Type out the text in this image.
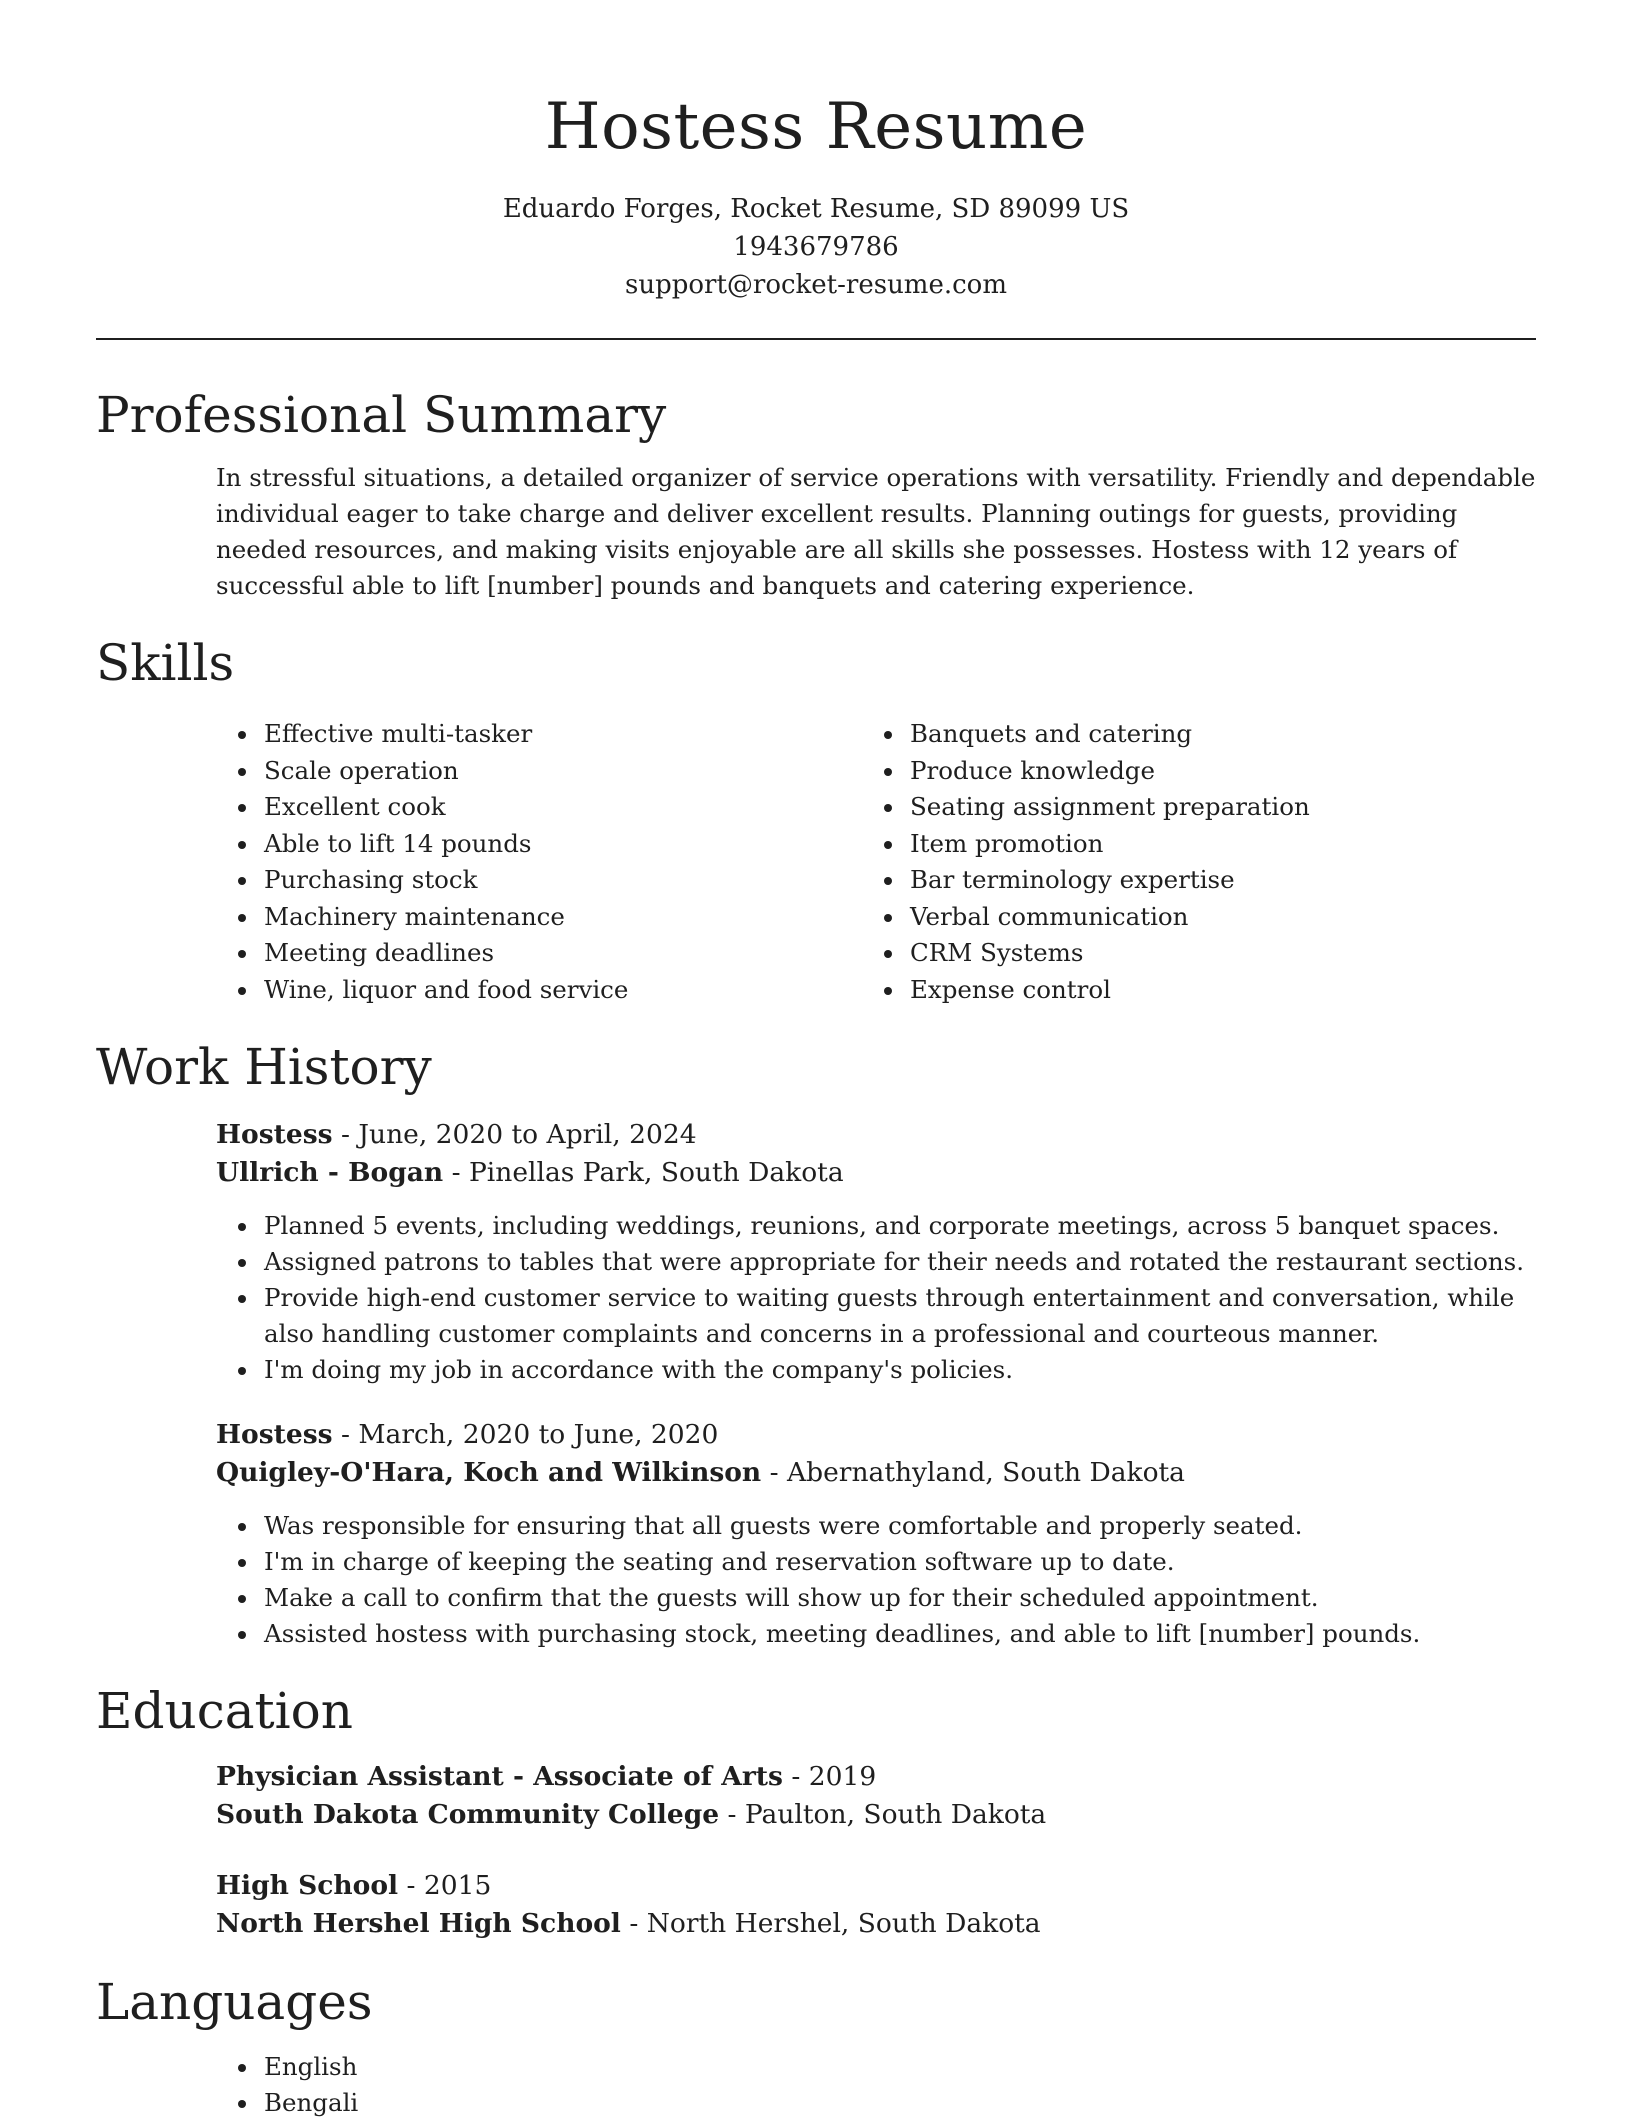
Hostess Resume
Eduardo Forges, Rocket Resume, SD 89099 US
1943679786
support@rocket-resume.com
Professional Summary

In stressful situations, a detailed organizer of service operations with versatility. Friendly and dependable individual eager to take charge and deliver excellent results. Planning outings for guests, providing needed resources, and making visits enjoyable are all skills she possesses. Hostess with 12 years of successful able to lift [number] pounds and banquets and catering experience.

Skills
• Effective multi-tasker
• Scale operation
• Excellent cook
• Able to lift 14 pounds
• Purchasing stock
• Machinery maintenance
• Meeting deadlines
• Wine, liquor and food service
• Banquets and catering
• Produce knowledge
• Seating assignment preparation
• Item promotion
• Bar terminology expertise
• Verbal communication
• CRM Systems
• Expense control
Work History
Hostess - June, 2020 to April, 2024
Ullrich - Bogan - Pinellas Park, South Dakota
• Planned 5 events, including weddings, reunions, and corporate meetings, across 5 banquet spaces.
• Assigned patrons to tables that were appropriate for their needs and rotated the restaurant sections.
• Provide high-end customer service to waiting guests through entertainment and conversation, while also handling customer complaints and concerns in a professional and courteous manner.
• I'm doing my job in accordance with the company's policies.
Hostess - March, 2020 to June, 2020
Quigley-O'Hara, Koch and Wilkinson - Abernathyland, South Dakota
• Was responsible for ensuring that all guests were comfortable and properly seated.
• I'm in charge of keeping the seating and reservation software up to date.
• Make a call to confirm that the guests will show up for their scheduled appointment.
• Assisted hostess with purchasing stock, meeting deadlines, and able to lift [number] pounds.
Education
Physician Assistant - Associate of Arts - 2019
South Dakota Community College - Paulton, South Dakota
High School - 2015
North Hershel High School - North Hershel, South Dakota
Languages
• English
• Bengali
